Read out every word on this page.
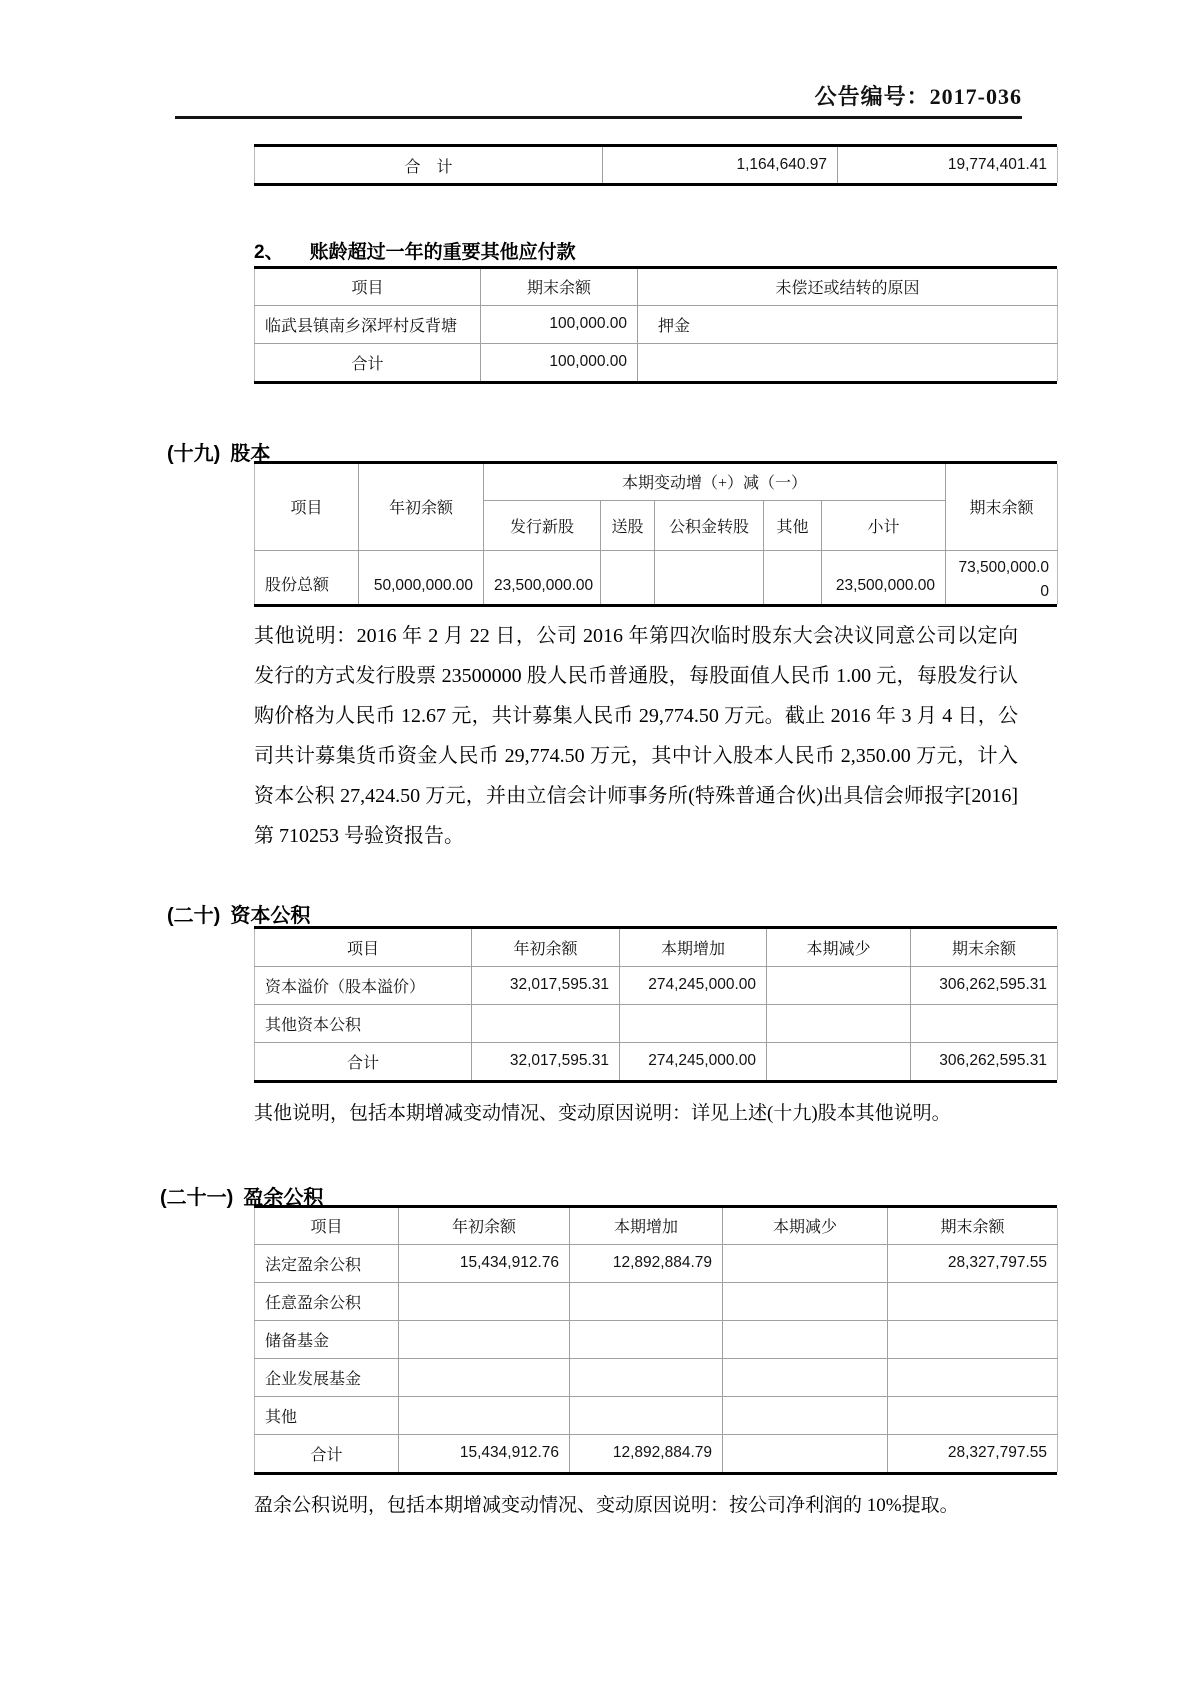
公告编号：2017-036
合　计	1,164,640.97	19,774,401.41
2、 账龄超过一年的重要其他应付款
项目	期末余额	未偿还或结转的原因
临武县镇南乡深坪村反背塘	100,000.00	押金
合计	100,000.00	
(十九) 股本
项目	年初余额	本期变动增（+）减（一）					期末余额
		发行新股	送股	公积金转股	其他	小计	
股份总额	50,000,000.00	23,500,000.00				23,500,000.00	73,500,000.00
其他说明：2016 年 2 月 22 日，公司 2016 年第四次临时股东大会决议同意公司以定向发行的方式发行股票 23500000 股人民币普通股，每股面值人民币 1.00 元，每股发行认购价格为人民币 12.67 元，共计募集人民币 29,774.50 万元。截止 2016 年 3 月 4 日，公司共计募集货币资金人民币 29,774.50 万元，其中计入股本人民币 2,350.00 万元，计入资本公积 27,424.50 万元，并由立信会计师事务所(特殊普通合伙)出具信会师报字[2016]第 710253 号验资报告。
(二十) 资本公积
项目	年初余额	本期增加	本期减少	期末余额
资本溢价（股本溢价）	32,017,595.31	274,245,000.00		306,262,595.31
其他资本公积				
合计	32,017,595.31	274,245,000.00		306,262,595.31
其他说明，包括本期增减变动情况、变动原因说明：详见上述(十九)股本其他说明。
(二十一) 盈余公积
项目	年初余额	本期增加	本期减少	期末余额
法定盈余公积	15,434,912.76	12,892,884.79		28,327,797.55
任意盈余公积				
储备基金				
企业发展基金				
其他				
合计	15,434,912.76	12,892,884.79		28,327,797.55
盈余公积说明，包括本期增减变动情况、变动原因说明：按公司净利润的 10%提取。
